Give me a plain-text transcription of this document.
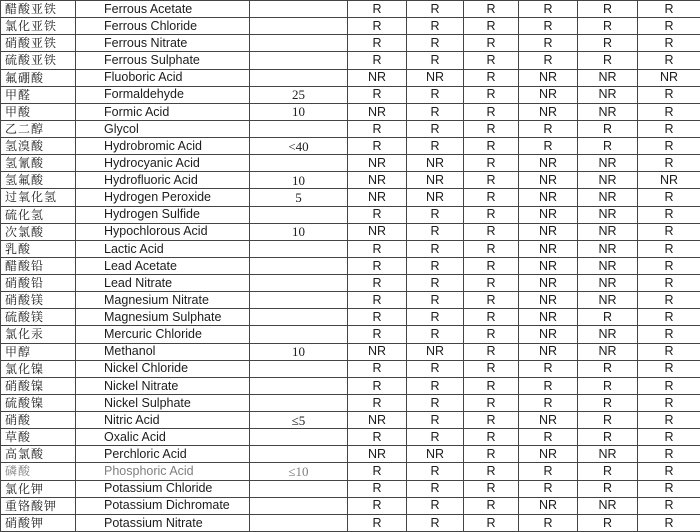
醋酸亚铁	Ferrous Acetate		R	R	R	R	R	R
氯化亚铁	Ferrous Chloride		R	R	R	R	R	R
硝酸亚铁	Ferrous Nitrate		R	R	R	R	R	R
硫酸亚铁	Ferrous Sulphate		R	R	R	R	R	R
氟硼酸	Fluoboric Acid		NR	NR	R	NR	NR	NR
甲醛	Formaldehyde	25	R	R	R	NR	NR	R
甲酸	Formic Acid	10	NR	R	R	NR	NR	R
乙二醇	Glycol		R	R	R	R	R	R
氢溴酸	Hydrobromic Acid	<40	R	R	R	R	R	R
氢氰酸	Hydrocyanic Acid		NR	NR	R	NR	NR	R
氢氟酸	Hydrofluoric Acid	10	NR	NR	R	NR	NR	NR
过氧化氢	Hydrogen Peroxide	5	NR	NR	R	NR	NR	R
硫化氢	Hydrogen Sulfide		R	R	R	NR	NR	R
次氯酸	Hypochlorous Acid	10	NR	R	R	NR	NR	R
乳酸	Lactic Acid		R	R	R	NR	NR	R
醋酸铅	Lead Acetate		R	R	R	NR	NR	R
硝酸铅	Lead Nitrate		R	R	R	NR	NR	R
硝酸镁	Magnesium Nitrate		R	R	R	NR	NR	R
硫酸镁	Magnesium Sulphate		R	R	R	NR	R	R
氯化汞	Mercuric Chloride		R	R	R	NR	NR	R
甲醇	Methanol	10	NR	NR	R	NR	NR	R
氯化镍	Nickel Chloride		R	R	R	R	R	R
硝酸镍	Nickel Nitrate		R	R	R	R	R	R
硫酸镍	Nickel Sulphate		R	R	R	R	R	R
硝酸	Nitric Acid	≤5	NR	R	R	NR	R	R
草酸	Oxalic Acid		R	R	R	R	R	R
高氯酸	Perchloric Acid		NR	NR	R	NR	NR	R
磷酸	Phosphoric Acid	≤10	R	R	R	R	R	R
氯化钾	Potassium Chloride		R	R	R	R	R	R
重铬酸钾	Potassium Dichromate		R	R	R	NR	NR	R
硝酸钾	Potassium Nitrate		R	R	R	R	R	R
